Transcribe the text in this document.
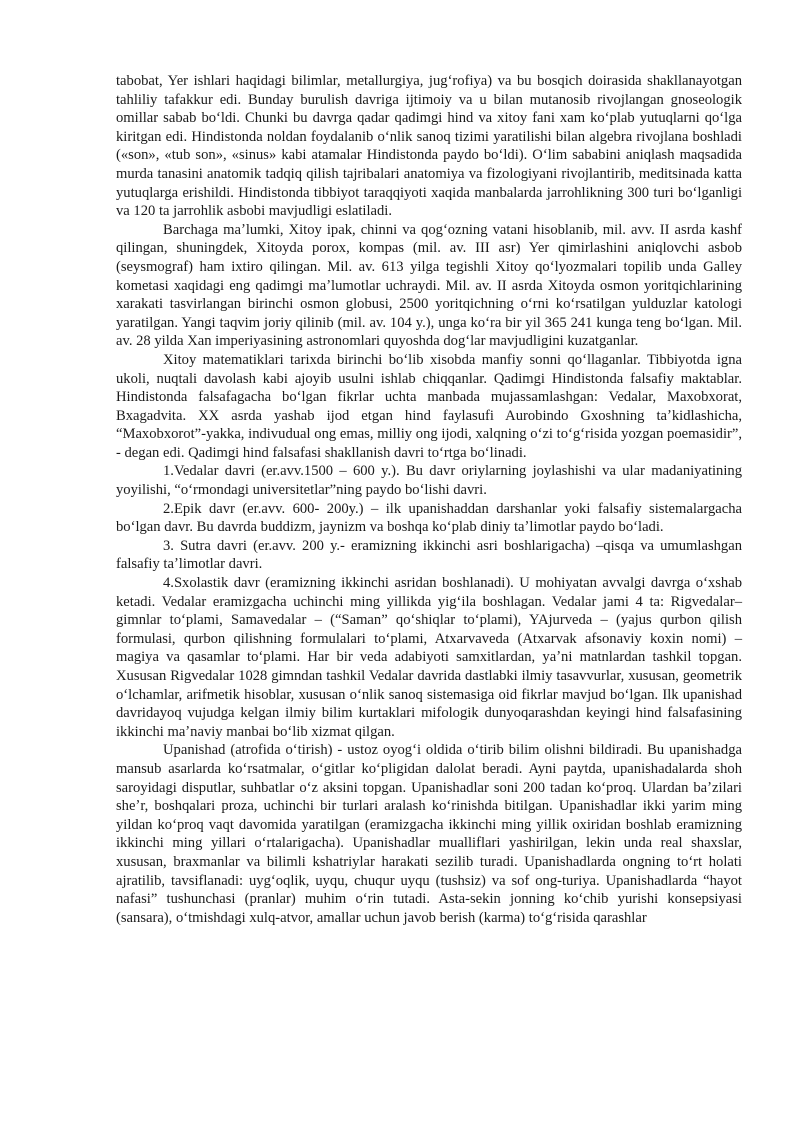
tabobat, Yer ishlari haqidagi bilimlar, metallurgiya, jugʻrofiya) va bu bosqich doirasida shakllanayotgan tahliliy tafakkur edi. Bunday burulish davriga ijtimoiy va u bilan mutanosib rivojlangan gnoseologik omillar sabab boʻldi. Chunki bu davrga qadar qadimgi hind va xitoy fani xam koʻplab yutuqlarni qoʻlga kiritgan edi. Hindistonda noldan foydalanib oʻnlik sanoq tizimi yaratilishi bilan algebra rivojlana boshladi («son», «tub son», «sinus» kabi atamalar Hindistonda paydo boʻldi). Oʻlim sababini aniqlash maqsadida murda tanasini anatomik tadqiq qilish tajribalari anatomiya va fizologiyani rivojlantirib, meditsinada katta yutuqlarga erishildi. Hindistonda tibbiyot taraqqiyoti xaqida manbalarda jarrohlikning 300 turi boʻlganligi va 120 ta jarrohlik asbobi mavjudligi eslatiladi.

Barchaga maʼlumki, Xitoy ipak, chinni va qogʻozning vatani hisoblanib, mil. avv. II asrda kashf qilingan, shuningdek, Xitoyda porox, kompas (mil. av. III asr) Yer qimirlashini aniqlovchi asbob (seysmograf) ham ixtiro qilingan. Mil. av. 613 yilga tegishli Xitoy qoʻlyozmalari topilib unda Galley kometasi xaqidagi eng qadimgi maʼlumotlar uchraydi. Mil. av. II asrda Xitoyda osmon yoritqichlarining xarakati tasvirlangan birinchi osmon globusi, 2500 yoritqichning oʻrni koʻrsatilgan yulduzlar katologi yaratilgan. Yangi taqvim joriy qilinib (mil. av. 104 y.), unga koʻra bir yil 365 241 kunga teng boʻlgan. Mil. av. 28 yilda Xan imperiyasining astronomlari quyoshda dogʻlar mavjudligini kuzatganlar.

Xitoy matematiklari tarixda birinchi boʻlib xisobda manfiy sonni qoʻllaganlar. Tibbiyotda igna ukoli, nuqtali davolash kabi ajoyib usulni ishlab chiqqanlar. Qadimgi Hindistonda falsafiy maktablar. Hindistonda falsafagacha boʻlgan fikrlar uchta manbada mujassamlashgan: Vedalar, Maxobxorat, Bxagadvita. XX asrda yashab ijod etgan hind faylasufi Aurobindo Gxoshning taʼkidlashicha, “Maxobxorot”-yakka, indivudual ong emas, milliy ong ijodi, xalqning oʻzi toʻgʻrisida yozgan poemasidir”, - degan edi. Qadimgi hind falsafasi shakllanish davri toʻrtga boʻlinadi.

1.Vedalar davri (er.avv.1500 – 600 y.). Bu davr oriylarning joylashishi va ular madaniyatining yoyilishi, “oʻrmondagi universitetlar”ning paydo boʻlishi davri.

2.Epik davr (er.avv. 600- 200y.) – ilk upanishaddan darshanlar yoki falsafiy sistemalargacha boʻlgan davr. Bu davrda buddizm, jaynizm va boshqa koʻplab diniy taʼlimotlar paydo boʻladi.

3. Sutra davri (er.avv. 200 y.- eramizning ikkinchi asri boshlarigacha) –qisqa va umumlashgan falsafiy taʼlimotlar davri.

4.Sxolastik davr (eramizning ikkinchi asridan boshlanadi). U mohiyatan avvalgi davrga oʻxshab ketadi. Vedalar eramizgacha uchinchi ming yillikda yigʻila boshlagan. Vedalar jami 4 ta: Rigvedalar– gimnlar toʻplami, Samavedalar – (“Saman” qoʻshiqlar toʻplami), YAjurveda – (yajus qurbon qilish formulasi, qurbon qilishning formulalari toʻplami, Atxarvaveda (Atxarvak afsonaviy koxin nomi) – magiya va qasamlar toʻplami. Har bir veda adabiyoti samxitlardan, yaʼni matnlardan tashkil topgan. Xususan Rigvedalar 1028 gimndan tashkil Vedalar davrida dastlabki ilmiy tasavvurlar, xususan, geometrik oʻlchamlar, arifmetik hisoblar, xususan oʻnlik sanoq sistemasiga oid fikrlar mavjud boʻlgan. Ilk upanishad davridayoq vujudga kelgan ilmiy bilim kurtaklari mifologik dunyoqarashdan keyingi hind falsafasining ikkinchi maʼnaviy manbai boʻlib xizmat qilgan.

Upanishad (atrofida oʻtirish) - ustoz oyogʻi oldida oʻtirib bilim olishni bildiradi. Bu upanishadga mansub asarlarda koʻrsatmalar, oʻgitlar koʻpligidan dalolat beradi. Ayni paytda, upanishadalarda shoh saroyidagi disputlar, suhbatlar oʻz aksini topgan. Upanishadlar soni 200 tadan koʻproq. Ulardan baʼzilari sheʼr, boshqalari proza, uchinchi bir turlari aralash koʻrinishda bitilgan. Upanishadlar ikki yarim ming yildan koʻproq vaqt davomida yaratilgan (eramizgacha ikkinchi ming yillik oxiridan boshlab eramizning ikkinchi ming yillari oʻrtalarigacha). Upanishadlar mualliflari yashirilgan, lekin unda real shaxslar, xususan, braxmanlar va bilimli kshatriylar harakati sezilib turadi. Upanishadlarda ongning toʻrt holati ajratilib, tavsiflanadi: uygʻoqlik, uyqu, chuqur uyqu (tushsiz) va sof ong-turiya. Upanishadlarda “hayot nafasi” tushunchasi (pranlar) muhim oʻrin tutadi. Asta-sekin jonning koʻchib yurishi konsepsiyasi (sansara), oʻtmishdagi xulq-atvor, amallar uchun javob berish (karma) toʻgʻrisida qarashlar
